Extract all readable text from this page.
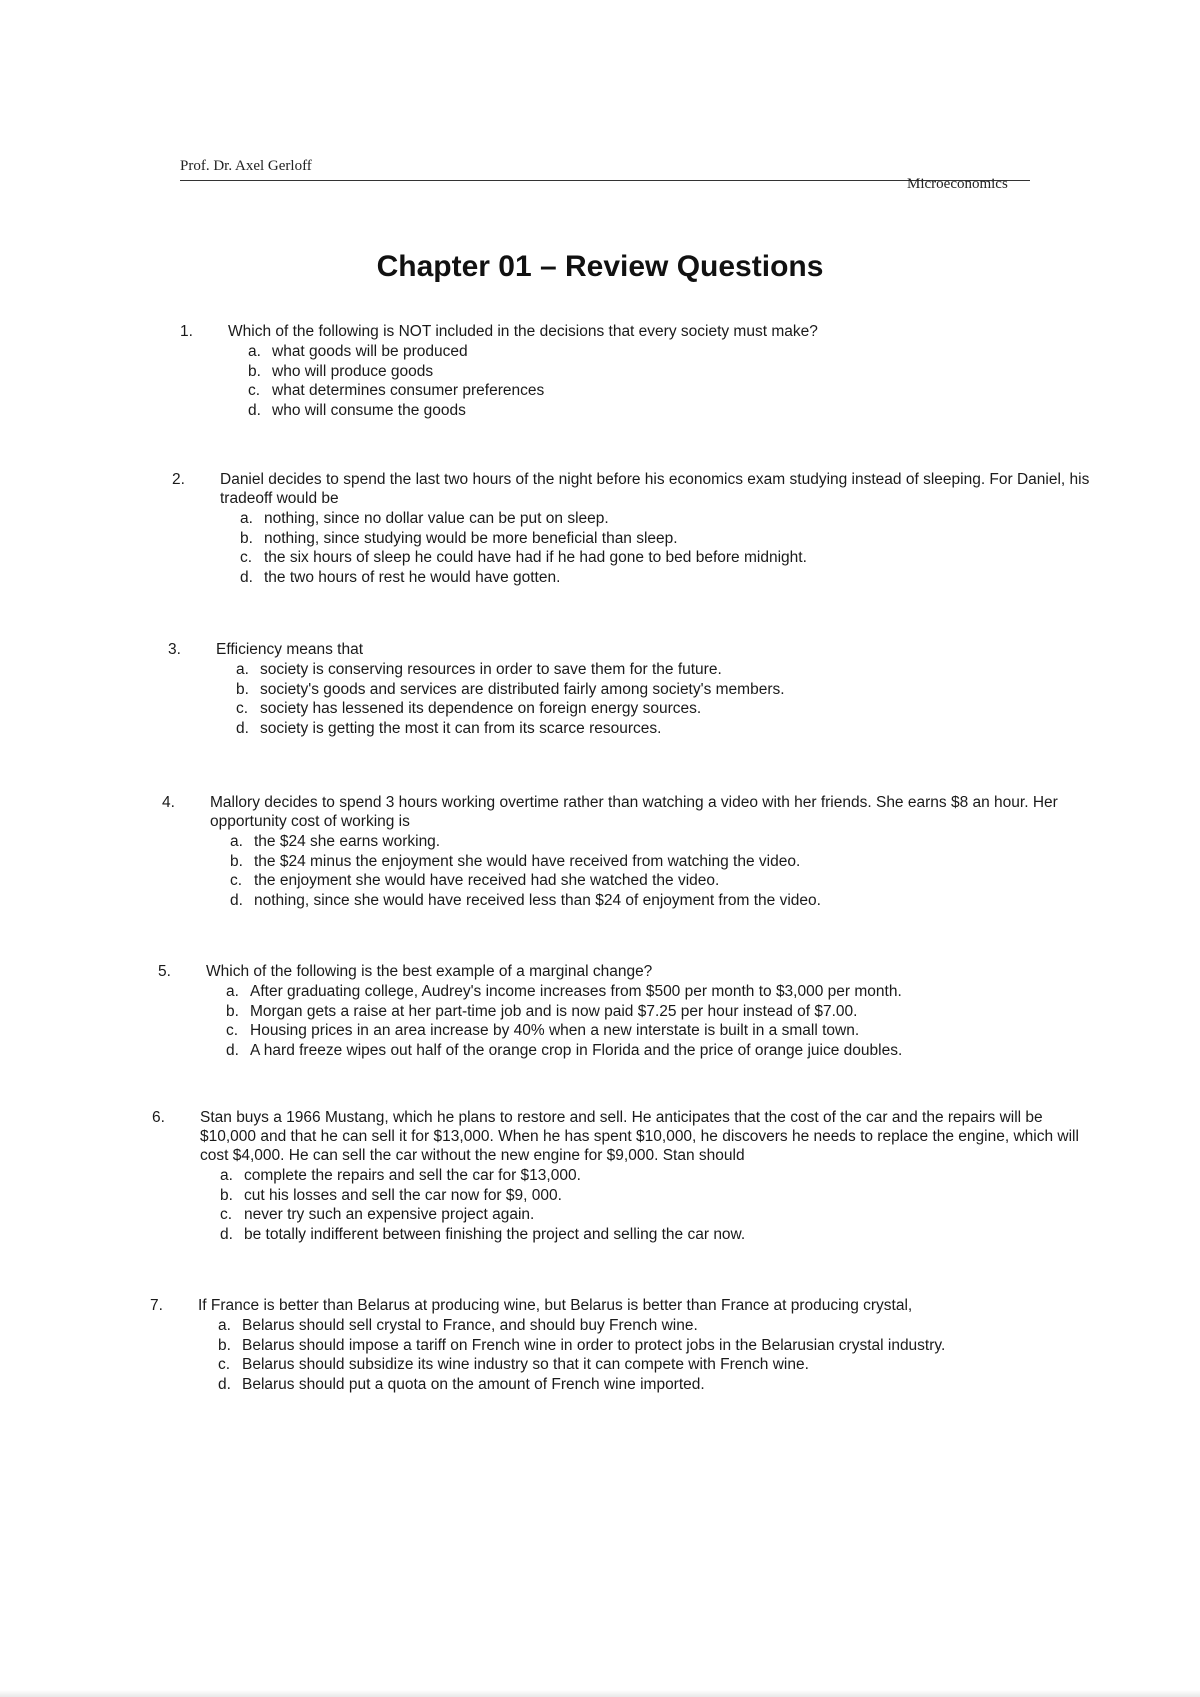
Prof. Dr. Axel Gerloff
Microeconomics
Chapter 01 – Review Questions
1.	Which of the following is NOT included in the decisions that every society must make?
a. what goods will be produced
b. who will produce goods
c. what determines consumer preferences
d. who will consume the goods
2.	Daniel decides to spend the last two hours of the night before his economics exam studying instead of sleeping. For Daniel, his tradeoff would be
a. nothing, since no dollar value can be put on sleep.
b. nothing, since studying would be more beneficial than sleep.
c. the six hours of sleep he could have had if he had gone to bed before midnight.
d. the two hours of rest he would have gotten.
3.	Efficiency means that
a. society is conserving resources in order to save them for the future.
b. society's goods and services are distributed fairly among society's members.
c. society has lessened its dependence on foreign energy sources.
d. society is getting the most it can from its scarce resources.
4.	Mallory decides to spend 3 hours working overtime rather than watching a video with her friends. She earns $8 an hour. Her opportunity cost of working is
a. the $24 she earns working.
b. the $24 minus the enjoyment she would have received from watching the video.
c. the enjoyment she would have received had she watched the video.
d. nothing, since she would have received less than $24 of enjoyment from the video.
5.	Which of the following is the best example of a marginal change?
a. After graduating college, Audrey's income increases from $500 per month to $3,000 per month.
b. Morgan gets a raise at her part-time job and is now paid $7.25 per hour instead of $7.00.
c. Housing prices in an area increase by 40% when a new interstate is built in a small town.
d. A hard freeze wipes out half of the orange crop in Florida and the price of orange juice doubles.
6.	Stan buys a 1966 Mustang, which he plans to restore and sell. He anticipates that the cost of the car and the repairs will be $10,000 and that he can sell it for $13,000. When he has spent $10,000, he discovers he needs to replace the engine, which will cost $4,000. He can sell the car without the new engine for $9,000. Stan should
a. complete the repairs and sell the car for $13,000.
b. cut his losses and sell the car now for $9, 000.
c. never try such an expensive project again.
d. be totally indifferent between finishing the project and selling the car now.
7.	If France is better than Belarus at producing wine, but Belarus is better than France at producing crystal,
a. Belarus should sell crystal to France, and should buy French wine.
b. Belarus should impose a tariff on French wine in order to protect jobs in the Belarusian crystal industry.
c. Belarus should subsidize its wine industry so that it can compete with French wine.
d. Belarus should put a quota on the amount of French wine imported.
